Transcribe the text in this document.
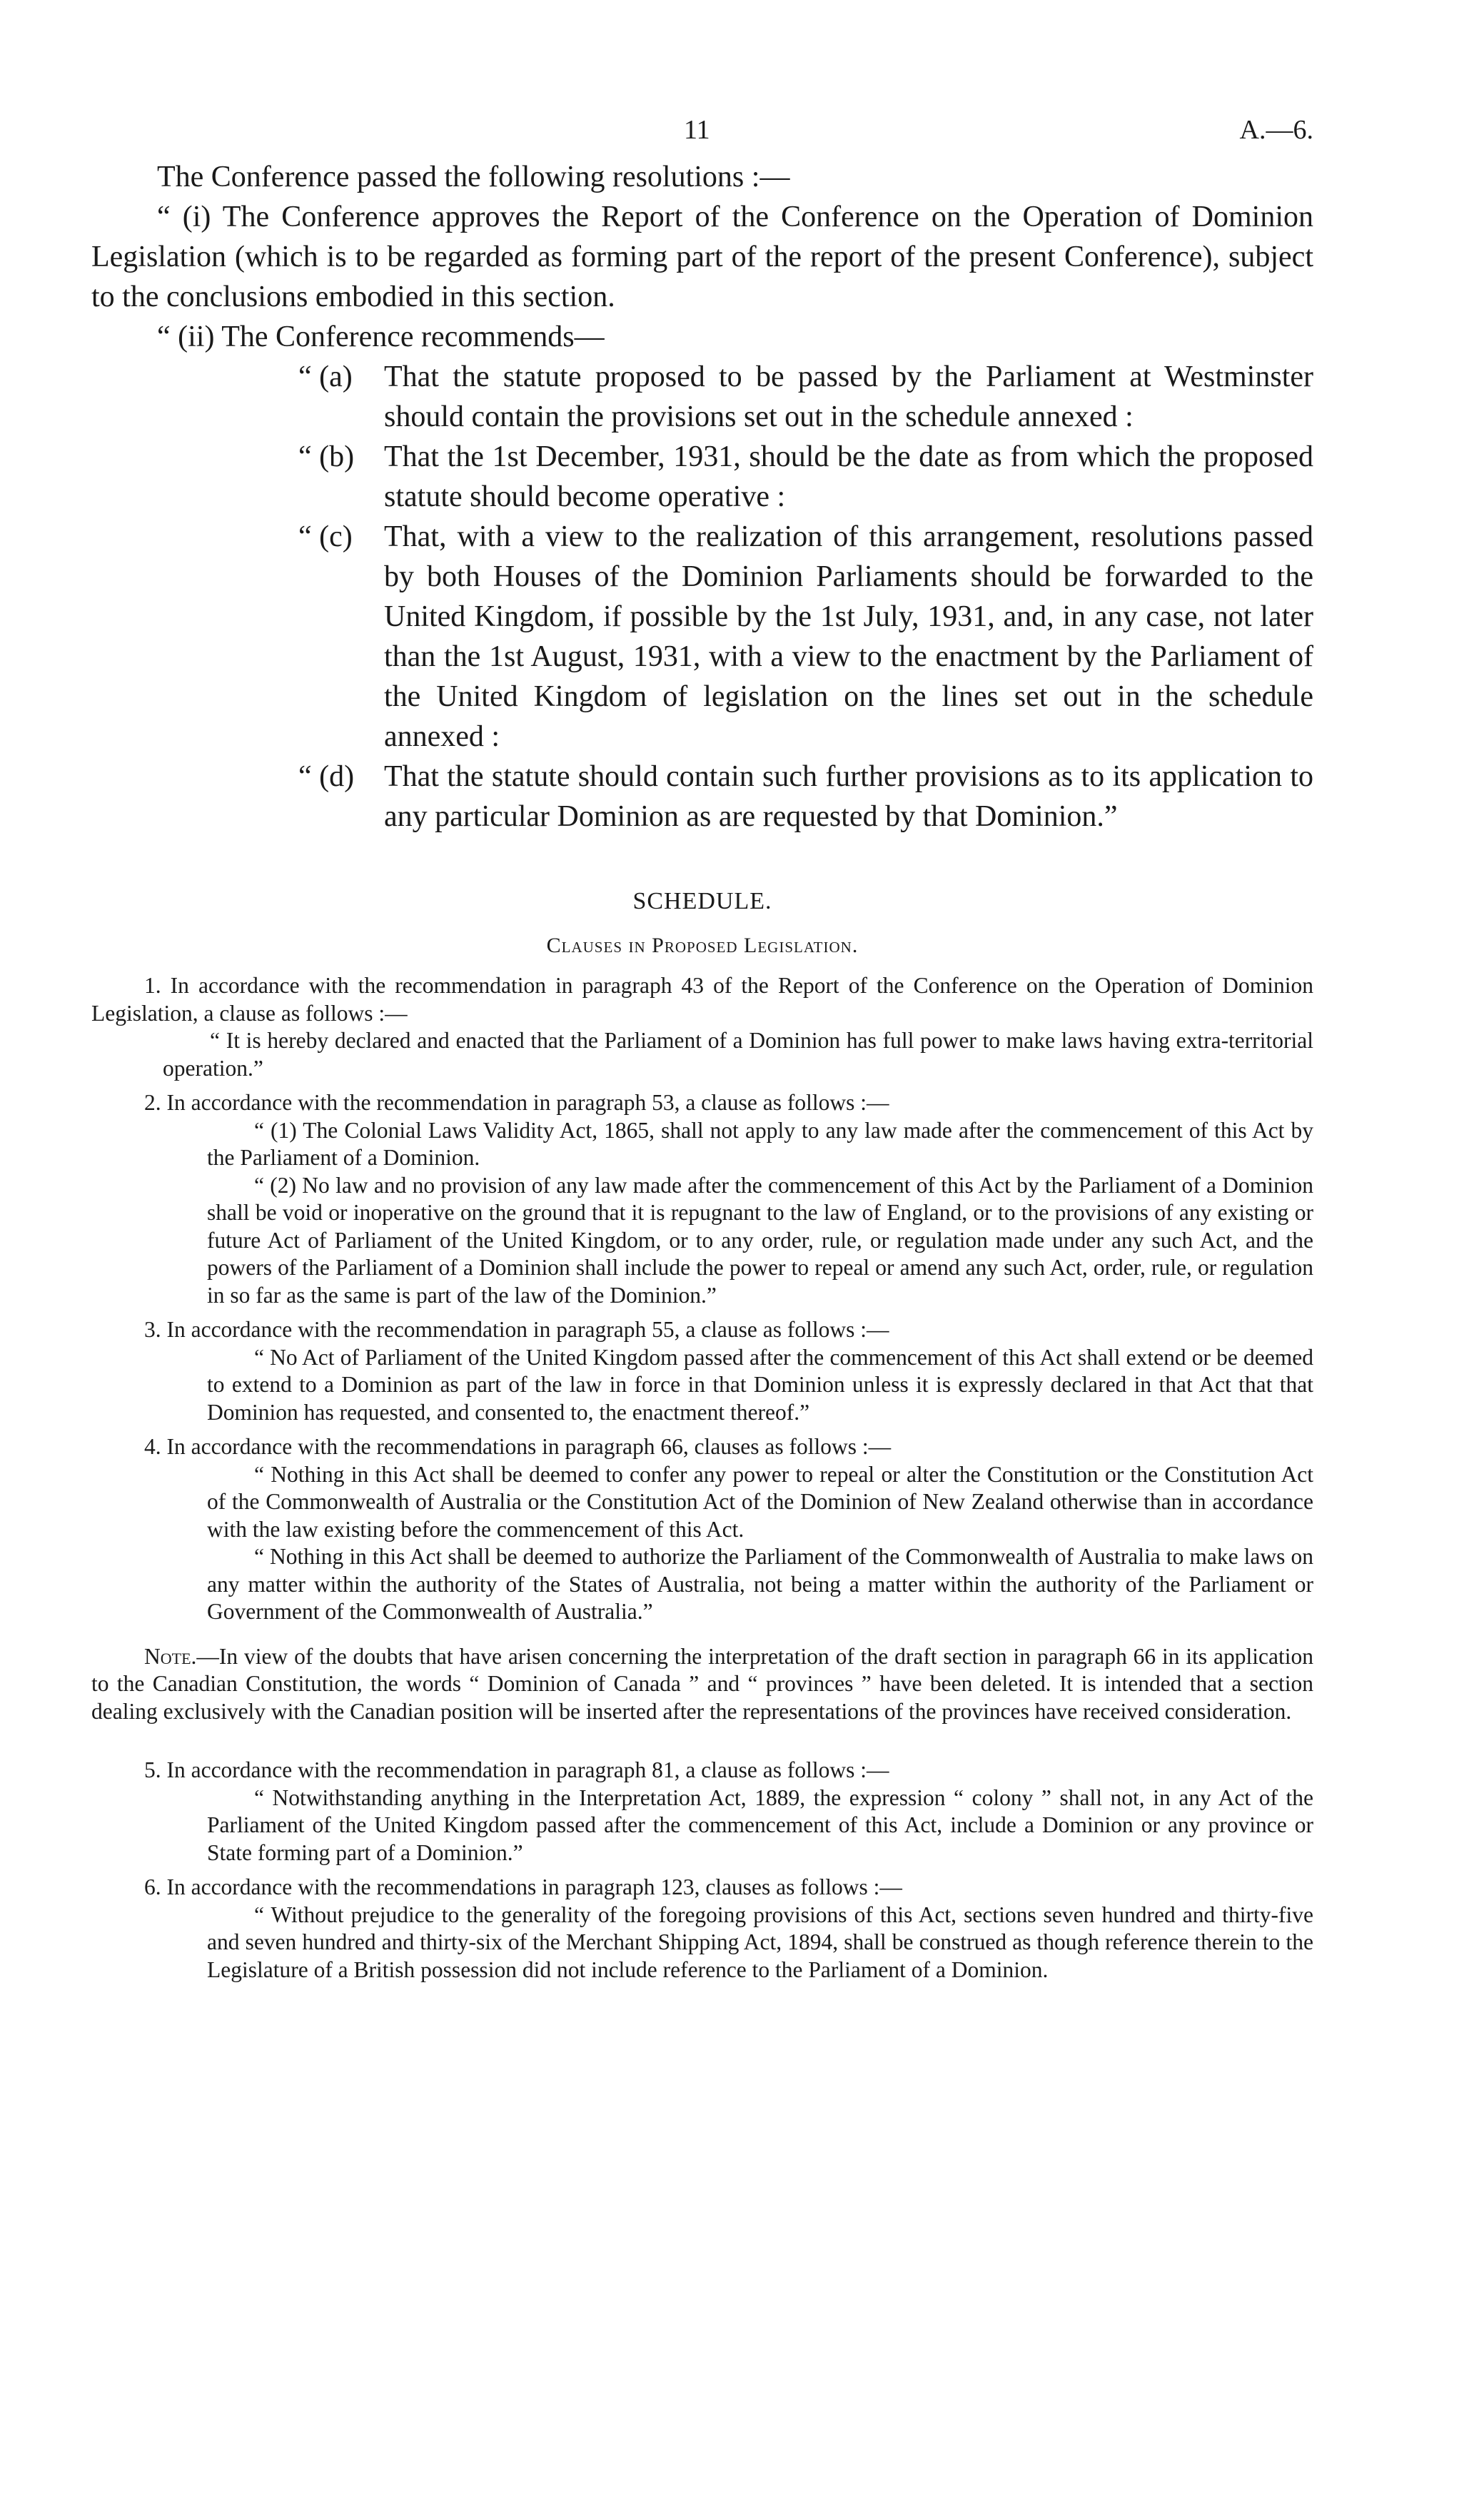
11	A.—6.

The Conference passed the following resolutions :—

“ (i) The Conference approves the Report of the Conference on the Operation of Dominion Legislation (which is to be regarded as forming part of the report of the present Conference), subject to the conclusions embodied in this section.

“ (ii) The Conference recommends—

“ (a) That the statute proposed to be passed by the Parliament at Westminster should contain the provisions set out in the schedule annexed :

“ (b) That the 1st December, 1931, should be the date as from which the proposed statute should become operative :

“ (c) That, with a view to the realization of this arrangement, resolutions passed by both Houses of the Dominion Parliaments should be forwarded to the United Kingdom, if possible by the 1st July, 1931, and, in any case, not later than the 1st August, 1931, with a view to the enactment by the Parliament of the United Kingdom of legislation on the lines set out in the schedule annexed :

“ (d) That the statute should contain such further provisions as to its application to any particular Dominion as are requested by that Dominion.”

SCHEDULE.
Clauses in Proposed Legislation.

1. In accordance with the recommendation in paragraph 43 of the Report of the Conference on the Operation of Dominion Legislation, a clause as follows :—

“ It is hereby declared and enacted that the Parliament of a Dominion has full power to make laws having extra-territorial operation.”

2. In accordance with the recommendation in paragraph 53, a clause as follows :—

“ (1) The Colonial Laws Validity Act, 1865, shall not apply to any law made after the commencement of this Act by the Parliament of a Dominion.

“ (2) No law and no provision of any law made after the commencement of this Act by the Parliament of a Dominion shall be void or inoperative on the ground that it is repugnant to the law of England, or to the provisions of any existing or future Act of Parliament of the United Kingdom, or to any order, rule, or regulation made under any such Act, and the powers of the Parliament of a Dominion shall include the power to repeal or amend any such Act, order, rule, or regulation in so far as the same is part of the law of the Dominion.”

3. In accordance with the recommendation in paragraph 55, a clause as follows :—

“ No Act of Parliament of the United Kingdom passed after the commencement of this Act shall extend or be deemed to extend to a Dominion as part of the law in force in that Dominion unless it is expressly declared in that Act that that Dominion has requested, and consented to, the enactment thereof.”

4. In accordance with the recommendations in paragraph 66, clauses as follows :—

“ Nothing in this Act shall be deemed to confer any power to repeal or alter the Constitution or the Constitution Act of the Commonwealth of Australia or the Constitution Act of the Dominion of New Zealand otherwise than in accordance with the law existing before the commencement of this Act.

“ Nothing in this Act shall be deemed to authorize the Parliament of the Commonwealth of Australia to make laws on any matter within the authority of the States of Australia, not being a matter within the authority of the Parliament or Government of the Commonwealth of Australia.”

Note.—In view of the doubts that have arisen concerning the interpretation of the draft section in paragraph 66 in its application to the Canadian Constitution, the words “ Dominion of Canada ” and “ provinces ” have been deleted. It is intended that a section dealing exclusively with the Canadian position will be inserted after the representations of the provinces have received consideration.

5. In accordance with the recommendation in paragraph 81, a clause as follows :—

“ Notwithstanding anything in the Interpretation Act, 1889, the expression “ colony ” shall not, in any Act of the Parliament of the United Kingdom passed after the commencement of this Act, include a Dominion or any province or State forming part of a Dominion.”

6. In accordance with the recommendations in paragraph 123, clauses as follows :—

“ Without prejudice to the generality of the foregoing provisions of this Act, sections seven hundred and thirty-five and seven hundred and thirty-six of the Merchant Shipping Act, 1894, shall be construed as though reference therein to the Legislature of a British possession did not include reference to the Parliament of a Dominion.
